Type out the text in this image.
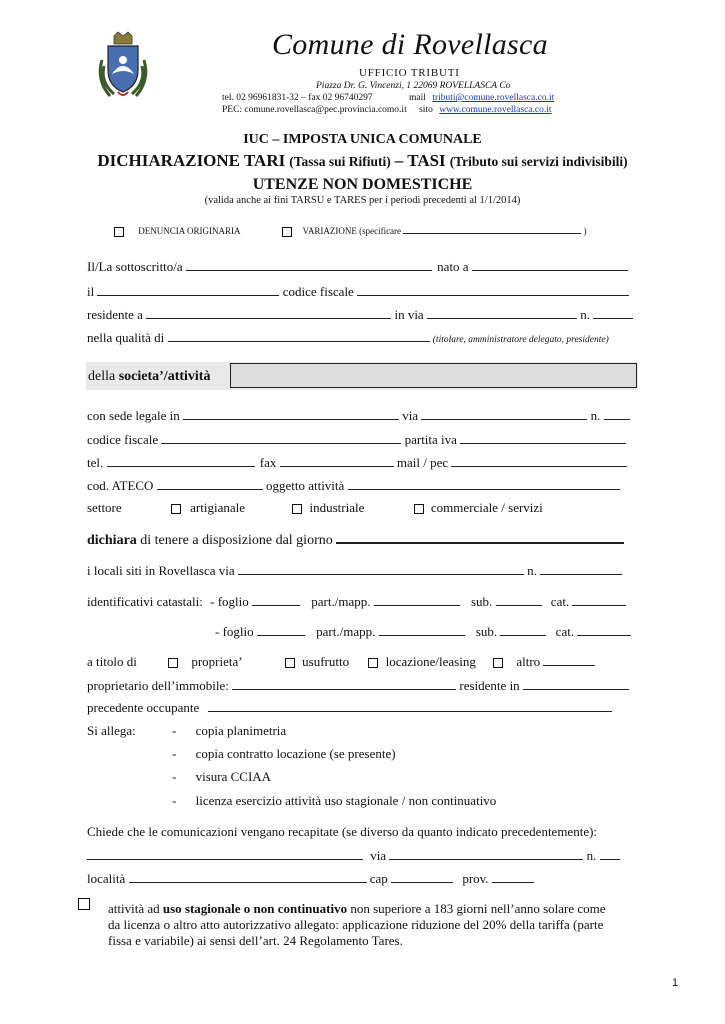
Comune di Rovellasca
UFFICIO TRIBUTI
Piazza Dr. G. Vincenzi, 1 22069 ROVELLASCA Co
tel. 02 96961831-32 – fax 02 96740297	mail tributi@comune.rovellasca.co.it
PEC: comune.rovellasca@pec.provincia.como.it sito www.comune.rovellasca.co.it
IUC – IMPOSTA UNICA COMUNALE
DICHIARAZIONE TARI (Tassa sui Rifiuti) – TASI (Tributo sui servizi indivisibili)
UTENZE NON DOMESTICHE
(valida anche ai fini TARSU e TARES per i periodi precedenti al 1/1/2014)
DENUNCIA ORIGINARIA	VARIAZIONE (specificare	)
Il/La sottoscritto/a	nato a
il	codice fiscale
residente a	in via	n.
nella qualità di	(titolare, amministratore delegato, presidente)
della societa’/attività
con sede legale in	via	n.
codice fiscale	partita iva
tel.	fax	mail / pec
cod. ATECO	oggetto attività
settore	artigianale	industriale	commerciale / servizi
dichiara di tenere a disposizione dal giorno
i locali siti in Rovellasca via	n.
identificativi catastali: - foglio	part./mapp.	sub.	cat.
- foglio	part./mapp.	sub.	cat.
a titolo di	proprieta’	usufrutto	locazione/leasing	altro
proprietario dell’immobile:	residente in
precedente occupante
Si allega:	- copia planimetria
- copia contratto locazione (se presente)
- visura CCIAA
- licenza esercizio attività uso stagionale / non continuativo
Chiede che le comunicazioni vengano recapitate (se diverso da quanto indicato precedentemente):
via	n.
località	cap	prov.
attività ad uso stagionale o non continuativo non superiore a 183 giorni nell’anno solare come
da licenza o altro atto autorizzativo allegato: applicazione riduzione del 20% della tariffa (parte
fissa e variabile) ai sensi dell’art. 24 Regolamento Tares.
1
